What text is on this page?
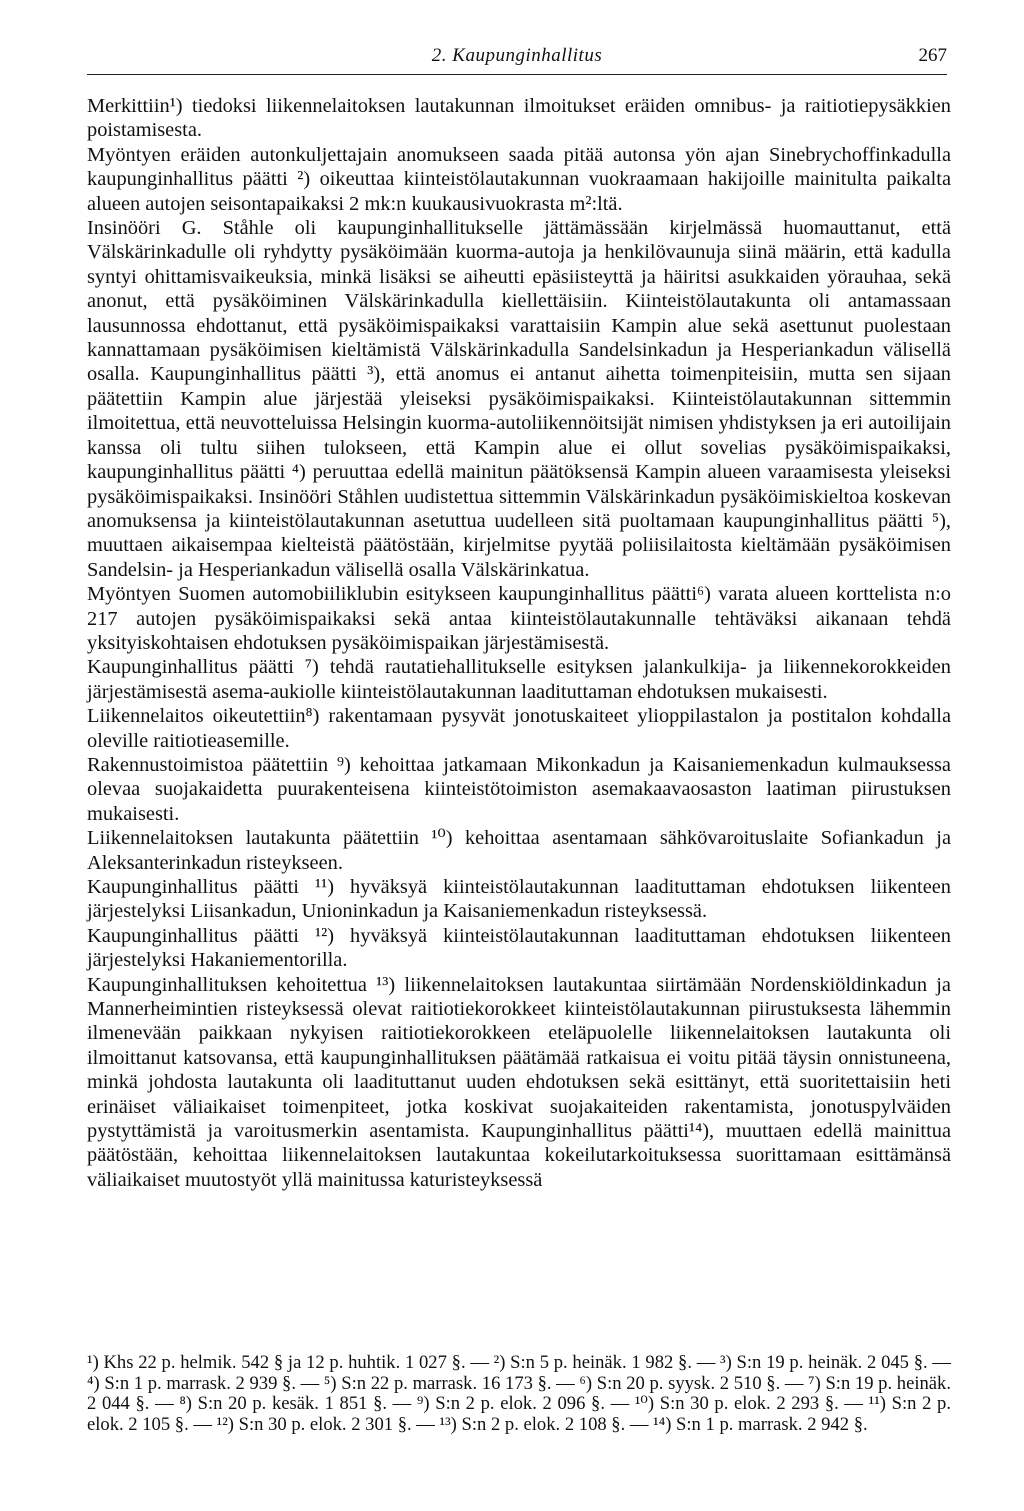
2. Kaupunginhallitus	267

Merkittiin¹) tiedoksi liikennelaitoksen lautakunnan ilmoitukset eräiden omnibus- ja raitiotiepysäkkien poistamisesta.

Myöntyen eräiden autonkuljettajain anomukseen saada pitää autonsa yön ajan Sinebrychoffinkadulla kaupunginhallitus päätti ²) oikeuttaa kiinteistölautakunnan vuokraamaan hakijoille mainitulta paikalta alueen autojen seisontapaikaksi 2 mk:n kuukausivuokrasta m²:ltä.

Insinööri G. Ståhle oli kaupunginhallitukselle jättämässään kirjelmässä huomauttanut, että Välskärinkadulle oli ryhdytty pysäköimään kuorma-autoja ja henkilövaunuja siinä määrin, että kadulla syntyi ohittamisvaikeuksia, minkä lisäksi se aiheutti epäsiisteyttä ja häiritsi asukkaiden yörauhaa, sekä anonut, että pysäköiminen Välskärinkadulla kiellettäisiin. Kiinteistölautakunta oli antamassaan lausunnossa ehdottanut, että pysäköimispaikaksi varattaisiin Kampin alue sekä asettunut puolestaan kannattamaan pysäköimisen kieltämistä Välskärinkadulla Sandelsinkadun ja Hesperiankadun välisellä osalla. Kaupunginhallitus päätti ³), että anomus ei antanut aihetta toimenpiteisiin, mutta sen sijaan päätettiin Kampin alue järjestää yleiseksi pysäköimispaikaksi. Kiinteistölautakunnan sittemmin ilmoitettua, että neuvotteluissa Helsingin kuorma-autoliikennöitsijät nimisen yhdistyksen ja eri autoilijain kanssa oli tultu siihen tulokseen, että Kampin alue ei ollut sovelias pysäköimispaikaksi, kaupunginhallitus päätti ⁴) peruuttaa edellä mainitun päätöksensä Kampin alueen varaamisesta yleiseksi pysäköimispaikaksi. Insinööri Ståhlen uudistettua sittemmin Välskärinkadun pysäköimiskieltoa koskevan anomuksensa ja kiinteistölautakunnan asetuttua uudelleen sitä puoltamaan kaupunginhallitus päätti ⁵), muuttaen aikaisempaa kielteistä päätöstään, kirjelmitse pyytää poliisilaitosta kieltämään pysäköimisen Sandelsin- ja Hesperiankadun välisellä osalla Välskärinkatua.

Myöntyen Suomen automobiiliklubin esitykseen kaupunginhallitus päätti⁶) varata alueen korttelista n:o 217 autojen pysäköimispaikaksi sekä antaa kiinteistölautakunnalle tehtäväksi aikanaan tehdä yksityiskohtaisen ehdotuksen pysäköimispaikan järjestämisestä.

Kaupunginhallitus päätti ⁷) tehdä rautatiehallitukselle esityksen jalankulkija- ja liikennekorokkeiden järjestämisestä asema-aukiolle kiinteistölautakunnan laadituttaman ehdotuksen mukaisesti.

Liikennelaitos oikeutettiin⁸) rakentamaan pysyvät jonotuskaiteet ylioppilastalon ja postitalon kohdalla oleville raitiotieasemille.

Rakennustoimistoa päätettiin ⁹) kehoittaa jatkamaan Mikonkadun ja Kaisaniemenkadun kulmauksessa olevaa suojakaidetta puurakenteisena kiinteistötoimiston asemakaavaosaston laatiman piirustuksen mukaisesti.

Liikennelaitoksen lautakunta päätettiin ¹⁰) kehoittaa asentamaan sähkövaroituslaite Sofiankadun ja Aleksanterinkadun risteykseen.

Kaupunginhallitus päätti ¹¹) hyväksyä kiinteistölautakunnan laadituttaman ehdotuksen liikenteen järjestelyksi Liisankadun, Unioninkadun ja Kaisaniemenkadun risteyksessä.

Kaupunginhallitus päätti ¹²) hyväksyä kiinteistölautakunnan laadituttaman ehdotuksen liikenteen järjestelyksi Hakaniementorilla.

Kaupunginhallituksen kehoitettua ¹³) liikennelaitoksen lautakuntaa siirtämään Nordenskiöldinkadun ja Mannerheimintien risteyksessä olevat raitiotiekorokkeet kiinteistölautakunnan piirustuksesta lähemmin ilmenevään paikkaan nykyisen raitiotiekorokkeen eteläpuolelle liikennelaitoksen lautakunta oli ilmoittanut katsovansa, että kaupunginhallituksen päätämää ratkaisua ei voitu pitää täysin onnistuneena, minkä johdosta lautakunta oli laadituttanut uuden ehdotuksen sekä esittänyt, että suoritettaisiin heti erinäiset väliaikaiset toimenpiteet, jotka koskivat suojakaiteiden rakentamista, jonotuspylväiden pystyttämistä ja varoitusmerkin asentamista. Kaupunginhallitus päätti¹⁴), muuttaen edellä mainittua päätöstään, kehoittaa liikennelaitoksen lautakuntaa kokeilutarkoituksessa suorittamaan esittämänsä väliaikaiset muutostyöt yllä mainitussa katuristeyksessä

¹) Khs 22 p. helmik. 542 § ja 12 p. huhtik. 1 027 §. — ²) S:n 5 p. heinäk. 1 982 §. — ³) S:n 19 p. heinäk. 2 045 §. — ⁴) S:n 1 p. marrask. 2 939 §. — ⁵) S:n 22 p. marrask. 16 173 §. — ⁶) S:n 20 p. syysk. 2 510 §. — ⁷) S:n 19 p. heinäk. 2 044 §. — ⁸) S:n 20 p. kesäk. 1 851 §. — ⁹) S:n 2 p. elok. 2 096 §. — ¹⁰) S:n 30 p. elok. 2 293 §. — ¹¹) S:n 2 p. elok. 2 105 §. — ¹²) S:n 30 p. elok. 2 301 §. — ¹³) S:n 2 p. elok. 2 108 §. — ¹⁴) S:n 1 p. marrask. 2 942 §.
